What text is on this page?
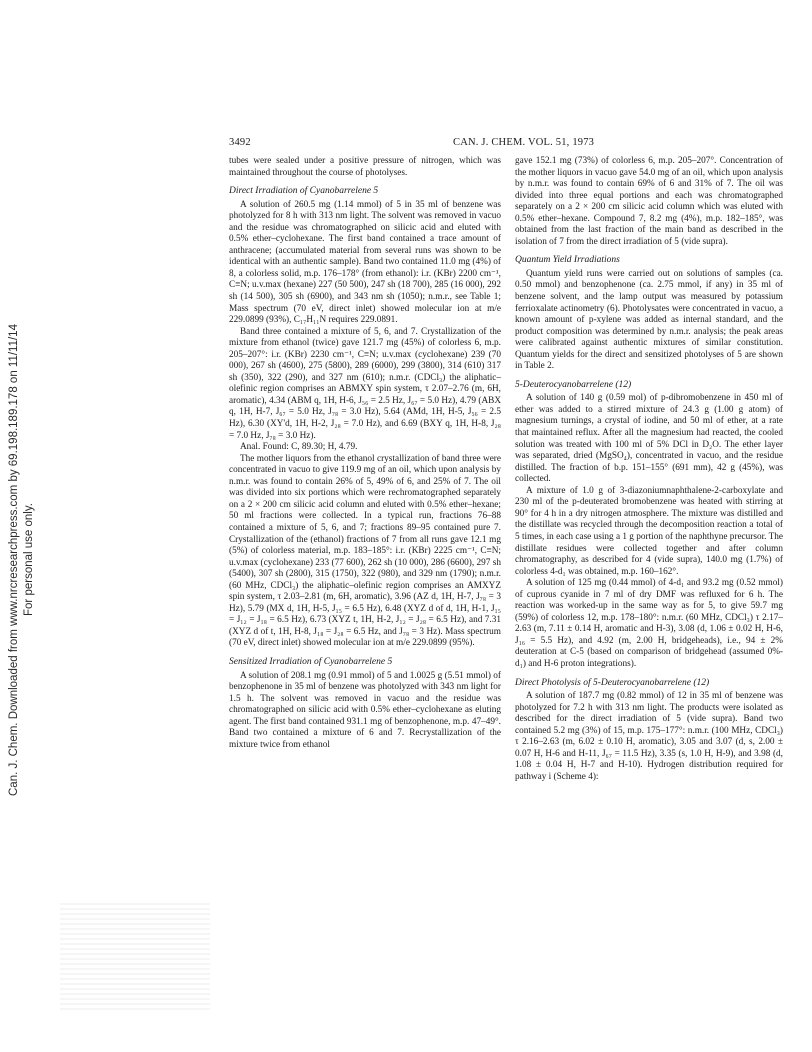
Can. J. Chem. Downloaded from www.nrcresearchpress.com by 69.198.189.178 on 11/11/14 For personal use only.
3492	CAN. J. CHEM. VOL. 51, 1973

tubes were sealed under a positive pressure of nitrogen, which was maintained throughout the course of photolyses.

Direct Irradiation of Cyanobarrelene 5

A solution of 260.5 mg (1.14 mmol) of 5 in 35 ml of benzene was photolyzed for 8 h with 313 nm light. The solvent was removed in vacuo and the residue was chromatographed on silicic acid and eluted with 0.5% ether–cyclohexane. The first band contained a trace amount of anthracene; (accumulated material from several runs was shown to be identical with an authentic sample). Band two contained 11.0 mg (4%) of 8, a colorless solid, m.p. 176–178° (from ethanol): i.r. (KBr) 2200 cm⁻¹, C≡N; u.v.max (hexane) 227 (50 500), 247 sh (18 700), 285 (16 000), 292 sh (14 500), 305 sh (6900), and 343 nm sh (1050); n.m.r., see Table 1; Mass spectrum (70 eV, direct inlet) showed molecular ion at m/e 229.0899 (93%), C₁₇H₁₁N requires 229.0891.

Band three contained a mixture of 5, 6, and 7. Crystallization of the mixture from ethanol (twice) gave 121.7 mg (45%) of colorless 6, m.p. 205–207°: i.r. (KBr) 2230 cm⁻¹, C≡N; u.v.max (cyclohexane) 239 (70 000), 267 sh (4600), 275 (5800), 289 (6000), 299 (3800), 314 (610) 317 sh (350), 322 (290), and 327 nm (610); n.m.r. (CDCl₃) the aliphatic–olefinic region comprises an ABMXY spin system, τ 2.07–2.76 (m, 6H, aromatic), 4.34 (ABM q, 1H, H-6, J₅₆ = 2.5 Hz, J₆₇ = 5.0 Hz), 4.79 (ABX q, 1H, H-7, J₆₇ = 5.0 Hz, J₇₈ = 3.0 Hz), 5.64 (AMd, 1H, H-5, J₅₆ = 2.5 Hz), 6.30 (XY'd, 1H, H-2, J₂₈ = 7.0 Hz), and 6.69 (BXY q, 1H, H-8, J₂₈ = 7.0 Hz, J₇₈ = 3.0 Hz).

Anal. Found: C, 89.30; H, 4.79.

The mother liquors from the ethanol crystallization of band three were concentrated in vacuo to give 119.9 mg of an oil, which upon analysis by n.m.r. was found to contain 26% of 5, 49% of 6, and 25% of 7. The oil was divided into six portions which were rechromatographed separately on a 2 × 200 cm silicic acid column and eluted with 0.5% ether–hexane; 50 ml fractions were collected. In a typical run, fractions 76–88 contained a mixture of 5, 6, and 7; fractions 89–95 contained pure 7. Crystallization of the (ethanol) fractions of 7 from all runs gave 12.1 mg (5%) of colorless material, m.p. 183–185°: i.r. (KBr) 2225 cm⁻¹, C≡N; u.v.max (cyclohexane) 233 (77 600), 262 sh (10 000), 286 (6600), 297 sh (5400), 307 sh (2800), 315 (1750), 322 (980), and 329 nm (1790); n.m.r. (60 MHz, CDCl₃) the aliphatic–olefinic region comprises an AMXYZ spin system, τ 2.03–2.81 (m, 6H, aromatic), 3.96 (AZ d, 1H, H-7, J₇₈ = 3 Hz), 5.79 (MX d, 1H, H-5, J₁₅ = 6.5 Hz), 6.48 (XYZ d of d, 1H, H-1, J₁₅ = J₁₂ = J₁₈ = 6.5 Hz), 6.73 (XYZ t, 1H, H-2, J₁₂ = J₂₈ = 6.5 Hz), and 7.31 (XYZ d of t, 1H, H-8, J₁₈ = J₂₈ = 6.5 Hz, and J₇₈ = 3 Hz). Mass spectrum (70 eV, direct inlet) showed molecular ion at m/e 229.0899 (95%).

Sensitized Irradiation of Cyanobarrelene 5

A solution of 208.1 mg (0.91 mmol) of 5 and 1.0025 g (5.51 mmol) of benzophenone in 35 ml of benzene was photolyzed with 343 nm light for 1.5 h. The solvent was removed in vacuo and the residue was chromatographed on silicic acid with 0.5% ether–cyclohexane as eluting agent. The first band contained 931.1 mg of benzophenone, m.p. 47–49°. Band two contained a mixture of 6 and 7. Recrystallization of the mixture twice from ethanol

gave 152.1 mg (73%) of colorless 6, m.p. 205–207°. Concentration of the mother liquors in vacuo gave 54.0 mg of an oil, which upon analysis by n.m.r. was found to contain 69% of 6 and 31% of 7. The oil was divided into three equal portions and each was chromatographed separately on a 2 × 200 cm silicic acid column which was eluted with 0.5% ether–hexane. Compound 7, 8.2 mg (4%), m.p. 182–185°, was obtained from the last fraction of the main band as described in the isolation of 7 from the direct irradiation of 5 (vide supra).

Quantum Yield Irradiations

Quantum yield runs were carried out on solutions of samples (ca. 0.50 mmol) and benzophenone (ca. 2.75 mmol, if any) in 35 ml of benzene solvent, and the lamp output was measured by potassium ferrioxalate actinometry (6). Photolysates were concentrated in vacuo, a known amount of p-xylene was added as internal standard, and the product composition was determined by n.m.r. analysis; the peak areas were calibrated against authentic mixtures of similar constitution. Quantum yields for the direct and sensitized photolyses of 5 are shown in Table 2.

5-Deuterocyanobarrelene (12)

A solution of 140 g (0.59 mol) of p-dibromobenzene in 450 ml of ether was added to a stirred mixture of 24.3 g (1.00 g atom) of magnesium turnings, a crystal of iodine, and 50 ml of ether, at a rate that maintained reflux. After all the magnesium had reacted, the cooled solution was treated with 100 ml of 5% DCl in D₂O. The ether layer was separated, dried (MgSO₄), concentrated in vacuo, and the residue distilled. The fraction of b.p. 151–155° (691 mm), 42 g (45%), was collected.

A mixture of 1.0 g of 3-diazoniumnaphthalene-2-carboxylate and 230 ml of the p-deuterated bromobenzene was heated with stirring at 90° for 4 h in a dry nitrogen atmosphere. The mixture was distilled and the distillate was recycled through the decomposition reaction a total of 5 times, in each case using a 1 g portion of the naphthyne precursor. The distillate residues were collected together and after column chromatography, as described for 4 (vide supra), 140.0 mg (1.7%) of colorless 4-d₁ was obtained, m.p. 160–162°.

A solution of 125 mg (0.44 mmol) of 4-d₁ and 93.2 mg (0.52 mmol) of cuprous cyanide in 7 ml of dry DMF was refluxed for 6 h. The reaction was worked-up in the same way as for 5, to give 59.7 mg (59%) of colorless 12, m.p. 178–180°: n.m.r. (60 MHz, CDCl₃) τ 2.17–2.63 (m, 7.11 ± 0.14 H, aromatic and H-3), 3.08 (d, 1.06 ± 0.02 H, H-6, J₁₆ = 5.5 Hz), and 4.92 (m, 2.00 H, bridgeheads), i.e., 94 ± 2% deuteration at C-5 (based on comparison of bridgehead (assumed 0%-d₁) and H-6 proton integrations).

Direct Photolysis of 5-Deuterocyanobarrelene (12)

A solution of 187.7 mg (0.82 mmol) of 12 in 35 ml of benzene was photolyzed for 7.2 h with 313 nm light. The products were isolated as described for the direct irradiation of 5 (vide supra). Band two contained 5.2 mg (3%) of 15, m.p. 175–177°: n.m.r. (100 MHz, CDCl₃) τ 2.16–2.63 (m, 6.02 ± 0.10 H, aromatic), 3.05 and 3.07 (d, s, 2.00 ± 0.07 H, H-6 and H-11, J₆₇ = 11.5 Hz), 3.35 (s, 1.0 H, H-9), and 3.98 (d, 1.08 ± 0.04 H, H-7 and H-10). Hydrogen distribution required for pathway i (Scheme 4):
